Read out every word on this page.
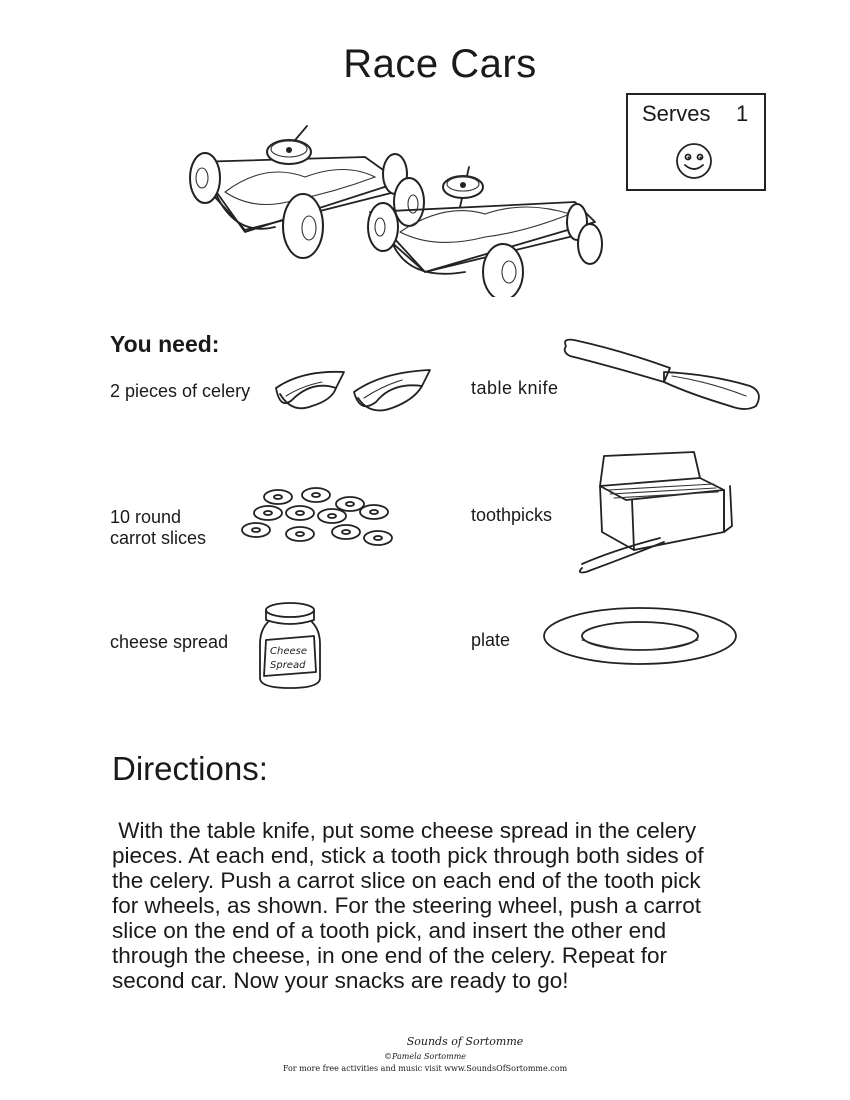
Race Cars
Serves 1
You need:
2 pieces of celery	table knife
10 round
carrot slices
toothpicks
cheese spread	Cheese
Spread
plate
Directions:
With the table knife, put some cheese spread in the celery
pieces. At each end, stick a tooth pick through both sides of
the celery. Push a carrot slice on each end of the tooth pick
for wheels, as shown. For the steering wheel, push a carrot
slice on the end of a tooth pick, and insert the other end
through the cheese, in one end of the celery. Repeat for
second car. Now your snacks are ready to go!
Sounds of Sortomme
©Pamela Sortomme
For more free activities and music visit www.SoundsOfSortomme.com
